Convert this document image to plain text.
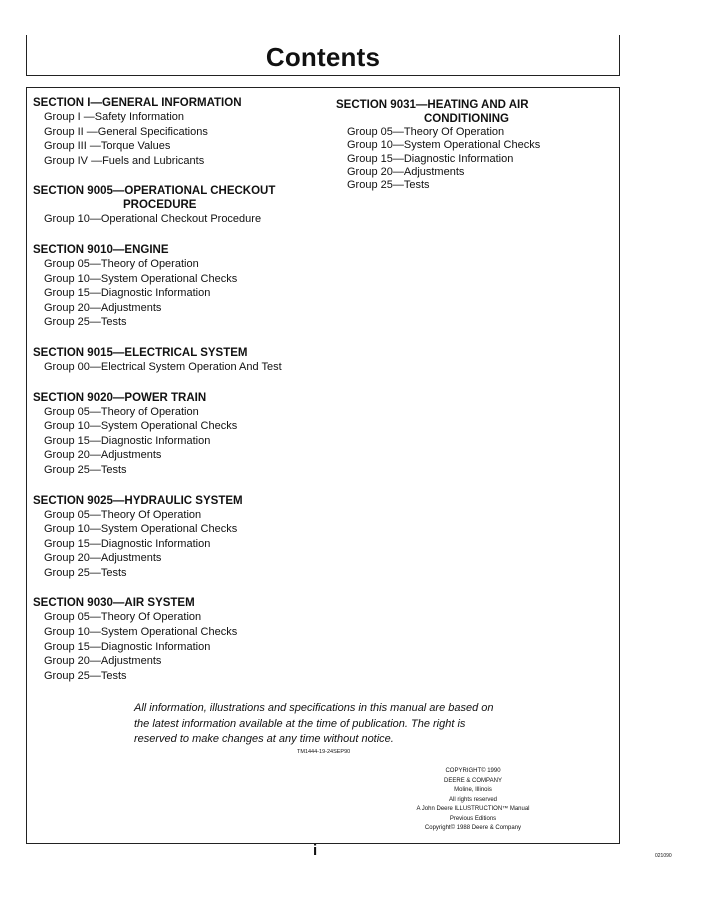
Contents

SECTION I—GENERAL INFORMATION

Group I —Safety Information

Group II —General Specifications

Group III —Torque Values

Group IV —Fuels and Lubricants

SECTION 9005—OPERATIONAL CHECKOUT

PROCEDURE

Group 10—Operational Checkout Procedure

SECTION 9010—ENGINE

Group 05—Theory of Operation

Group 10—System Operational Checks

Group 15—Diagnostic Information

Group 20—Adjustments

Group 25—Tests

SECTION 9015—ELECTRICAL SYSTEM

Group 00—Electrical System Operation And Test

SECTION 9020—POWER TRAIN

Group 05—Theory of Operation

Group 10—System Operational Checks

Group 15—Diagnostic Information

Group 20—Adjustments

Group 25—Tests

SECTION 9025—HYDRAULIC SYSTEM

Group 05—Theory Of Operation

Group 10—System Operational Checks

Group 15—Diagnostic Information

Group 20—Adjustments

Group 25—Tests

SECTION 9030—AIR SYSTEM

Group 05—Theory Of Operation

Group 10—System Operational Checks

Group 15—Diagnostic Information

Group 20—Adjustments

Group 25—Tests

SECTION 9031—HEATING AND AIR

CONDITIONING

Group 05—Theory Of Operation

Group 10—System Operational Checks

Group 15—Diagnostic Information

Group 20—Adjustments

Group 25—Tests

All information, illustrations and specifications in this manual are based on
the latest information available at the time of publication. The right is
reserved to make changes at any time without notice.
TM1444-19-24SEP90
COPYRIGHT© 1990
DEERE & COMPANY
Moline, Illinois
All rights reserved
A John Deere ILLUSTRUCTION™ Manual
Previous Editions
Copyright© 1988 Deere & Company
i	021090
